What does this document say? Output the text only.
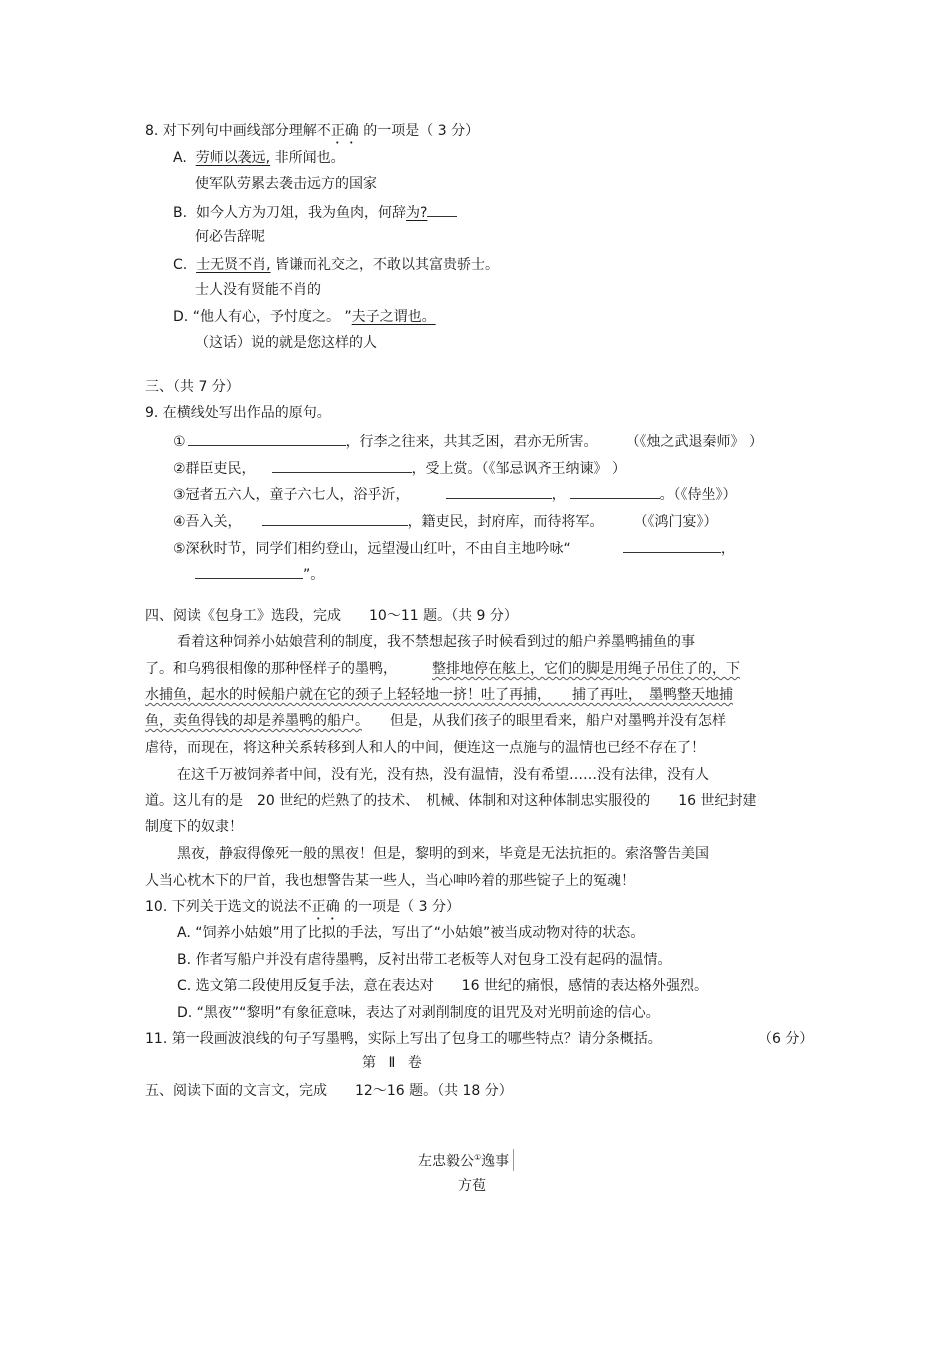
8. 对下列句中画线部分理解不正确 的一项是（ 3 分）
A. 劳师以袭远, 非所闻也。
使军队劳累去袭击远方的国家
B. 如今人方为刀俎，我为鱼肉，何辞为?
何必告辞呢
C. 士无贤不肖, 皆谦而礼交之，不敢以其富贵骄士。
士人没有贤能不肖的
D. “他人有心，予忖度之。 ”夫子之谓也。
（这话）说的就是您这样的人
三、（共 7 分）
9. 在横线处写出作品的原句。
①	，行李之往来，共其乏困，君亦无所害。 （《烛之武退秦师》 ）
②群臣吏民，	，受上赏。（《邹忌讽齐王纳谏》 ）
③冠者五六人，童子六七人，浴乎沂，	，	。（《侍坐》）
④吾入关，	，籍吏民，封府库，而待将军。 （《鸿门宴》）
⑤深秋时节，同学们相约登山，远望漫山红叶，不由自主地吟咏“	，
”。
四、阅读《包身工》选段，完成　　10～11 题。（共 9 分）
看着这种饲养小姑娘营利的制度，我不禁想起孩子时候看到过的船户养墨鸭捕鱼的事
了。和乌鸦很相像的那种怪样子的墨鸭，　　　整排地停在舷上，它们的脚是用绳子吊住了的，下
水捕鱼，起水的时候船户就在它的颈子上轻轻地一挤！吐了再捕，　　捕了再吐，　墨鸭整天地捕
鱼，卖鱼得钱的却是养墨鸭的船户。　　但是，从我们孩子的眼里看来，船户对墨鸭并没有怎样
虐待，而现在，将这种关系转移到人和人的中间，便连这一点施与的温情也已经不存在了！
在这千万被饲养者中间，没有光，没有热，没有温情，没有希望……没有法律，没有人
道。这儿有的是　20 世纪的烂熟了的技术、　机械、体制和对这种体制忠实服役的　　16 世纪封建
制度下的奴隶！
黑夜，静寂得像死一般的黑夜！但是，黎明的到来，毕竟是无法抗拒的。索洛警告美国
人当心枕木下的尸首，我也想警告某一些人，当心呻吟着的那些锭子上的冤魂！
10. 下列关于选文的说法不正确 的一项是（ 3 分）
A. “饲养小姑娘”用了比拟的手法，写出了“小姑娘”被当成动物对待的状态。
B. 作者写船户并没有虐待墨鸭，反衬出带工老板等人对包身工没有起码的温情。
C. 选文第二段使用反复手法，意在表达对　　16 世纪的痛恨，感情的表达格外强烈。
D. “黑夜”“黎明”有象征意味，表达了对剥削制度的诅咒及对光明前途的信心。
11. 第一段画波浪线的句子写墨鸭，实际上写出了包身工的哪些特点？请分条概括。	（6 分）
第 Ⅱ 卷
五、阅读下面的文言文，完成　　12～16 题。（共 18 分）
左忠毅公①逸事
方苞
